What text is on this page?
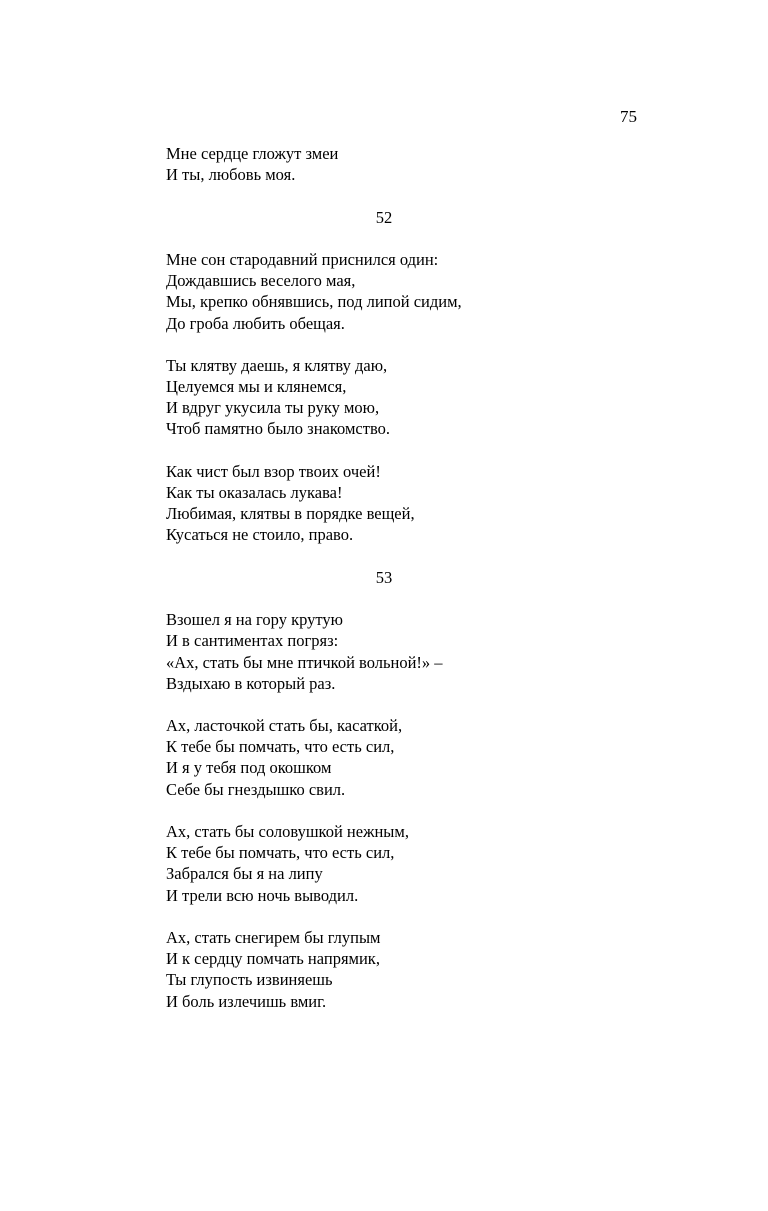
75
Мне сердце гложут змеи
И ты, любовь моя.
52
Мне сон стародавний приснился один:
Дождавшись веселого мая,
Мы, крепко обнявшись, под липой сидим,
До гроба любить обещая.
Ты клятву даешь, я клятву даю,
Целуемся мы и клянемся,
И вдруг укусила ты руку мою,
Чтоб памятно было знакомство.
Как чист был взор твоих очей!
Как ты оказалась лукава!
Любимая, клятвы в порядке вещей,
Кусаться не стоило, право.
53
Взошел я на гору крутую
И в сантиментах погряз:
«Ах, стать бы мне птичкой вольной!» –
Вздыхаю в который раз.
Ах, ласточкой стать бы, касаткой,
К тебе бы помчать, что есть сил,
И я у тебя под окошком
Себе бы гнездышко свил.
Ах, стать бы соловушкой нежным,
К тебе бы помчать, что есть сил,
Забрался бы я на липу
И трели всю ночь выводил.
Ах, стать снегирем бы глупым
И к сердцу помчать напрямик,
Ты глупость извиняешь
И боль излечишь вмиг.
